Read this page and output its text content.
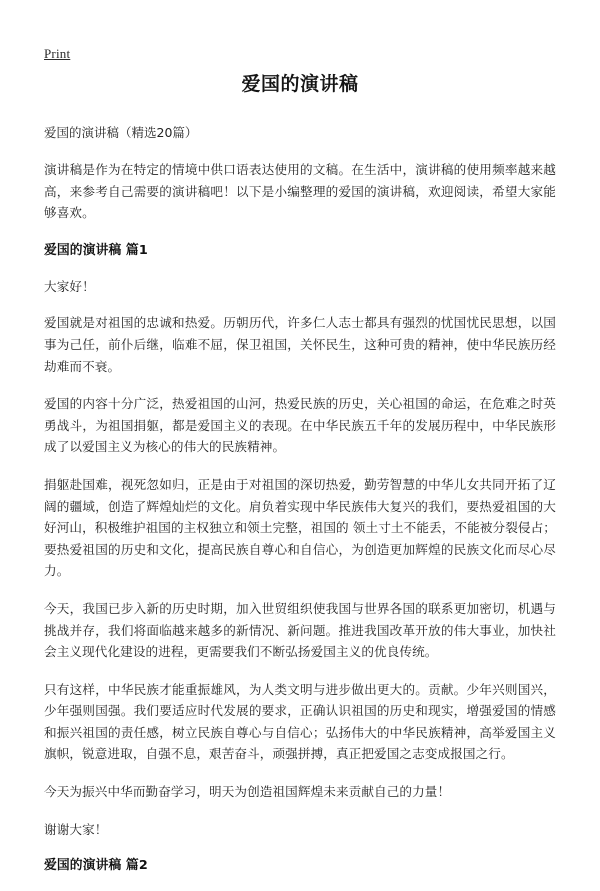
Print
爱国的演讲稿

爱国的演讲稿（精选20篇）

演讲稿是作为在特定的情境中供口语表达使用的文稿。在生活中，演讲稿的使用频率越来越高，来参考自己需要的演讲稿吧！以下是小编整理的爱国的演讲稿，欢迎阅读，希望大家能够喜欢。

爱国的演讲稿 篇1

大家好！

爱国就是对祖国的忠诚和热爱。历朝历代，许多仁人志士都具有强烈的忧国忧民思想，以国事为己任，前仆后继，临难不屈，保卫祖国，关怀民生，这种可贵的精神，使中华民族历经劫难而不衰。

爱国的内容十分广泛，热爱祖国的山河，热爱民族的历史，关心祖国的命运，在危难之时英勇战斗，为祖国捐躯，都是爱国主义的表现。在中华民族五千年的发展历程中，中华民族形成了以爱国主义为核心的伟大的民族精神。

捐躯赴国难，视死忽如归，正是由于对祖国的深切热爱，勤劳智慧的中华儿女共同开拓了辽阔的疆域，创造了辉煌灿烂的文化。肩负着实现中华民族伟大复兴的我们，要热爱祖国的大好河山，积极维护祖国的主权独立和领土完整，祖国的 领土寸土不能丢，不能被分裂侵占；要热爱祖国的历史和文化，提高民族自尊心和自信心，为创造更加辉煌的民族文化而尽心尽力。

今天，我国已步入新的历史时期，加入世贸组织使我国与世界各国的联系更加密切，机遇与挑战并存，我们将面临越来越多的新情况、新问题。推进我国改革开放的伟大事业，加快社会主义现代化建设的进程，更需要我们不断弘扬爱国主义的优良传统。

只有这样，中华民族才能重振雄风，为人类文明与进步做出更大的。贡献。少年兴则国兴，少年强则国强。我们要适应时代发展的要求，正确认识祖国的历史和现实，增强爱国的情感和振兴祖国的责任感，树立民族自尊心与自信心；弘扬伟大的中华民族精神，高举爱国主义旗帜，锐意进取，自强不息，艰苦奋斗，顽强拼搏，真正把爱国之志变成报国之行。

今天为振兴中华而勤奋学习，明天为创造祖国辉煌未来贡献自己的力量！

谢谢大家！

爱国的演讲稿 篇2
